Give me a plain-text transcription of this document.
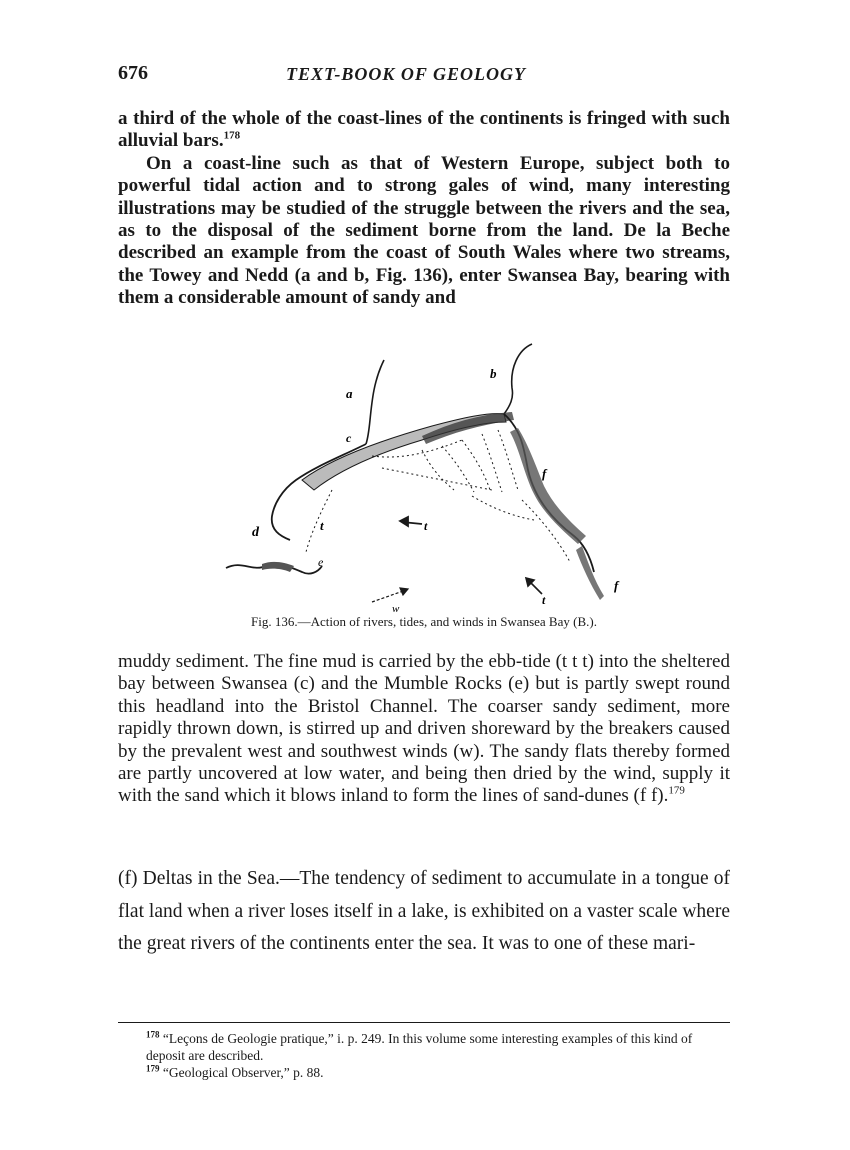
676	TEXT-BOOK OF GEOLOGY

a third of the whole of the coast-lines of the continents is fringed with such alluvial bars.$^{178}$

On a coast-line such as that of Western Europe, subject both to powerful tidal action and to strong gales of wind, many interesting illustrations may be studied of the struggle between the rivers and the sea, as to the disposal of the sediment borne from the land. De la Beche described an example from the coast of South Wales where two streams, the Towey and Nedd (a and b, Fig. 136), enter Swansea Bay, bearing with them a considerable amount of sandy and

a
b
c
d
e
f
f
t	t
t
w
Fig. 136.—Action of rivers, tides, and winds in Swansea Bay (B.).

muddy sediment. The fine mud is carried by the ebb-tide (t t t) into the sheltered bay between Swansea (c) and the Mumble Rocks (e) but is partly swept round this headland into the Bristol Channel. The coarser sandy sediment, more rapidly thrown down, is stirred up and driven shoreward by the breakers caused by the prevalent west and southwest winds (w). The sandy flats thereby formed are partly uncovered at low water, and being then dried by the wind, supply it with the sand which it blows inland to form the lines of sand-dunes (f f).$^{179}$

(f) Deltas in the Sea.—The tendency of sediment to accumulate in a tongue of flat land when a river loses itself in a lake, is exhibited on a vaster scale where the great rivers of the continents enter the sea. It was to one of these mari-

$^{178}$ “Leçons de Geologie pratique,” i. p. 249. In this volume some interesting examples of this kind of deposit are described.

$^{179}$ “Geological Observer,” p. 88.
